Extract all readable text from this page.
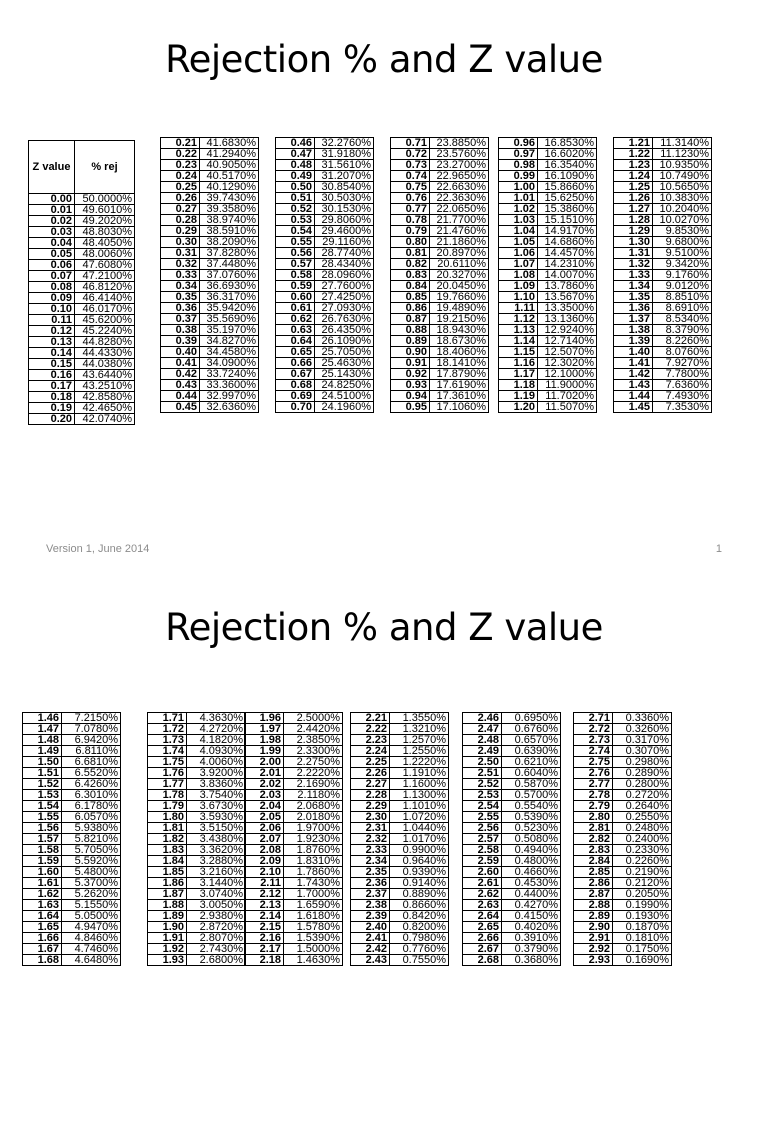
Rejection % and Z value
Version 1, June 2014	1
Z value	% rej
0.00	50.0000%
0.01	49.6010%
0.02	49.2020%
0.03	48.8030%
0.04	48.4050%
0.05	48.0060%
0.06	47.6080%
0.07	47.2100%
0.08	46.8120%
0.09	46.4140%
0.10	46.0170%
0.11	45.6200%
0.12	45.2240%
0.13	44.8280%
0.14	44.4330%
0.15	44.0380%
0.16	43.6440%
0.17	43.2510%
0.18	42.8580%
0.19	42.4650%
0.20	42.0740%
0.21	41.6830%
0.22	41.2940%
0.23	40.9050%
0.24	40.5170%
0.25	40.1290%
0.26	39.7430%
0.27	39.3580%
0.28	38.9740%
0.29	38.5910%
0.30	38.2090%
0.31	37.8280%
0.32	37.4480%
0.33	37.0760%
0.34	36.6930%
0.35	36.3170%
0.36	35.9420%
0.37	35.5690%
0.38	35.1970%
0.39	34.8270%
0.40	34.4580%
0.41	34.0900%
0.42	33.7240%
0.43	33.3600%
0.44	32.9970%
0.45	32.6360%
0.46	32.2760%
0.47	31.9180%
0.48	31.5610%
0.49	31.2070%
0.50	30.8540%
0.51	30.5030%
0.52	30.1530%
0.53	29.8060%
0.54	29.4600%
0.55	29.1160%
0.56	28.7740%
0.57	28.4340%
0.58	28.0960%
0.59	27.7600%
0.60	27.4250%
0.61	27.0930%
0.62	26.7630%
0.63	26.4350%
0.64	26.1090%
0.65	25.7050%
0.66	25.4630%
0.67	25.1430%
0.68	24.8250%
0.69	24.5100%
0.70	24.1960%
0.71	23.8850%
0.72	23.5760%
0.73	23.2700%
0.74	22.9650%
0.75	22.6630%
0.76	22.3630%
0.77	22.0650%
0.78	21.7700%
0.79	21.4760%
0.80	21.1860%
0.81	20.8970%
0.82	20.6110%
0.83	20.3270%
0.84	20.0450%
0.85	19.7660%
0.86	19.4890%
0.87	19.2150%
0.88	18.9430%
0.89	18.6730%
0.90	18.4060%
0.91	18.1410%
0.92	17.8790%
0.93	17.6190%
0.94	17.3610%
0.95	17.1060%
0.96	16.8530%
0.97	16.6020%
0.98	16.3540%
0.99	16.1090%
1.00	15.8660%
1.01	15.6250%
1.02	15.3860%
1.03	15.1510%
1.04	14.9170%
1.05	14.6860%
1.06	14.4570%
1.07	14.2310%
1.08	14.0070%
1.09	13.7860%
1.10	13.5670%
1.11	13.3500%
1.12	13.1360%
1.13	12.9240%
1.14	12.7140%
1.15	12.5070%
1.16	12.3020%
1.17	12.1000%
1.18	11.9000%
1.19	11.7020%
1.20	11.5070%
1.21	11.3140%
1.22	11.1230%
1.23	10.9350%
1.24	10.7490%
1.25	10.5650%
1.26	10.3830%
1.27	10.2040%
1.28	10.0270%
1.29	9.8530%
1.30	9.6800%
1.31	9.5100%
1.32	9.3420%
1.33	9.1760%
1.34	9.0120%
1.35	8.8510%
1.36	8.6910%
1.37	8.5340%
1.38	8.3790%
1.39	8.2260%
1.40	8.0760%
1.41	7.9270%
1.42	7.7800%
1.43	7.6360%
1.44	7.4930%
1.45	7.3530%
Rejection % and Z value
1.46	7.2150%
1.47	7.0780%
1.48	6.9420%
1.49	6.8110%
1.50	6.6810%
1.51	6.5520%
1.52	6.4260%
1.53	6.3010%
1.54	6.1780%
1.55	6.0570%
1.56	5.9380%
1.57	5.8210%
1.58	5.7050%
1.59	5.5920%
1.60	5.4800%
1.61	5.3700%
1.62	5.2620%
1.63	5.1550%
1.64	5.0500%
1.65	4.9470%
1.66	4.8460%
1.67	4.7460%
1.68	4.6480%
1.71	4.3630%
1.72	4.2720%
1.73	4.1820%
1.74	4.0930%
1.75	4.0060%
1.76	3.9200%
1.77	3.8360%
1.78	3.7540%
1.79	3.6730%
1.80	3.5930%
1.81	3.5150%
1.82	3.4380%
1.83	3.3620%
1.84	3.2880%
1.85	3.2160%
1.86	3.1440%
1.87	3.0740%
1.88	3.0050%
1.89	2.9380%
1.90	2.8720%
1.91	2.8070%
1.92	2.7430%
1.93	2.6800%
1.96	2.5000%
1.97	2.4420%
1.98	2.3850%
1.99	2.3300%
2.00	2.2750%
2.01	2.2220%
2.02	2.1690%
2.03	2.1180%
2.04	2.0680%
2.05	2.0180%
2.06	1.9700%
2.07	1.9230%
2.08	1.8760%
2.09	1.8310%
2.10	1.7860%
2.11	1.7430%
2.12	1.7000%
2.13	1.6590%
2.14	1.6180%
2.15	1.5780%
2.16	1.5390%
2.17	1.5000%
2.18	1.4630%
2.21	1.3550%
2.22	1.3210%
2.23	1.2570%
2.24	1.2550%
2.25	1.2220%
2.26	1.1910%
2.27	1.1600%
2.28	1.1300%
2.29	1.1010%
2.30	1.0720%
2.31	1.0440%
2.32	1.0170%
2.33	0.9900%
2.34	0.9640%
2.35	0.9390%
2.36	0.9140%
2.37	0.8890%
2.38	0.8660%
2.39	0.8420%
2.40	0.8200%
2.41	0.7980%
2.42	0.7760%
2.43	0.7550%
2.46	0.6950%
2.47	0.6760%
2.48	0.6570%
2.49	0.6390%
2.50	0.6210%
2.51	0.6040%
2.52	0.5870%
2.53	0.5700%
2.54	0.5540%
2.55	0.5390%
2.56	0.5230%
2.57	0.5080%
2.58	0.4940%
2.59	0.4800%
2.60	0.4660%
2.61	0.4530%
2.62	0.4400%
2.63	0.4270%
2.64	0.4150%
2.65	0.4020%
2.66	0.3910%
2.67	0.3790%
2.68	0.3680%
2.71	0.3360%
2.72	0.3260%
2.73	0.3170%
2.74	0.3070%
2.75	0.2980%
2.76	0.2890%
2.77	0.2800%
2.78	0.2720%
2.79	0.2640%
2.80	0.2550%
2.81	0.2480%
2.82	0.2400%
2.83	0.2330%
2.84	0.2260%
2.85	0.2190%
2.86	0.2120%
2.87	0.2050%
2.88	0.1990%
2.89	0.1930%
2.90	0.1870%
2.91	0.1810%
2.92	0.1750%
2.93	0.1690%
